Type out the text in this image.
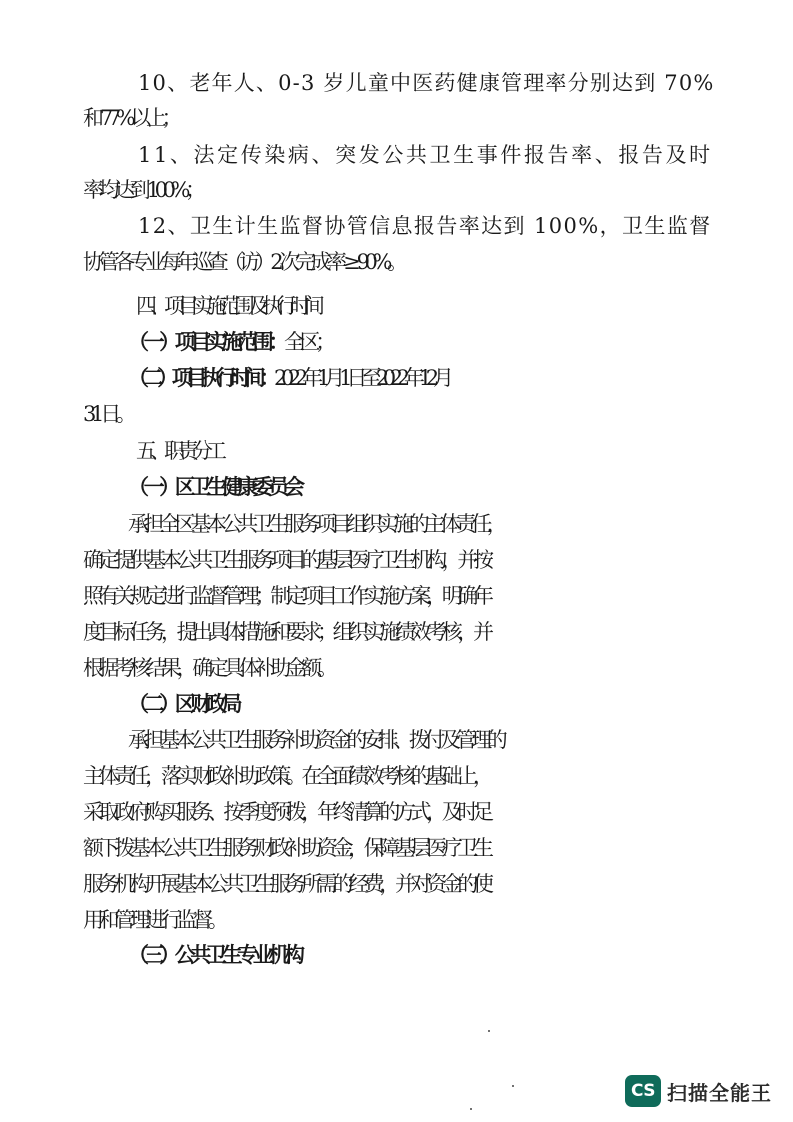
10、老年人、0-3 岁儿童中医药健康管理率分别达到 70%
和 77%以上；
11、法定传染病、突发公共卫生事件报告率、报告及时
率均达到 100%；
12、卫生计生监督协管信息报告率达到 100%，卫生监督
协管各专业每年巡查（访）2 次完成率 ≥ 90%。
四、项目实施范围及执行时间
（一）项目实施范围：全区；
（二）项目执行时间：2022 年 1 月 1 日至 2022 年 12 月
31 日。
五、职责分工
（一）区卫生健康委员会
承担全区基本公共卫生服务项目组织实施的主体责任，
确定提供基本公共卫生服务项目的基层医疗卫生机构，并按
照有关规定进行监督管理；制定项目工作实施方案，明确年
度目标任务，提出具体措施和要求；组织实施绩效考核，并
根据考核结果，确定具体补助金额。
（二）区财政局
承担基本公共卫生服务补助资金的安排、拨付及管理的
主体责任，落实财政补助政策。在全面绩效考核的基础上，
采取政府购买服务、按季度预拨，年终清算的方式，及时足
额下拨基本公共卫生服务财政补助资金，保障基层医疗卫生
服务机构开展基本公共卫生服务所需的经费，并对资金的使
用和管理进行监督。
（三）公共卫生专业机构
CS 扫描全能王
